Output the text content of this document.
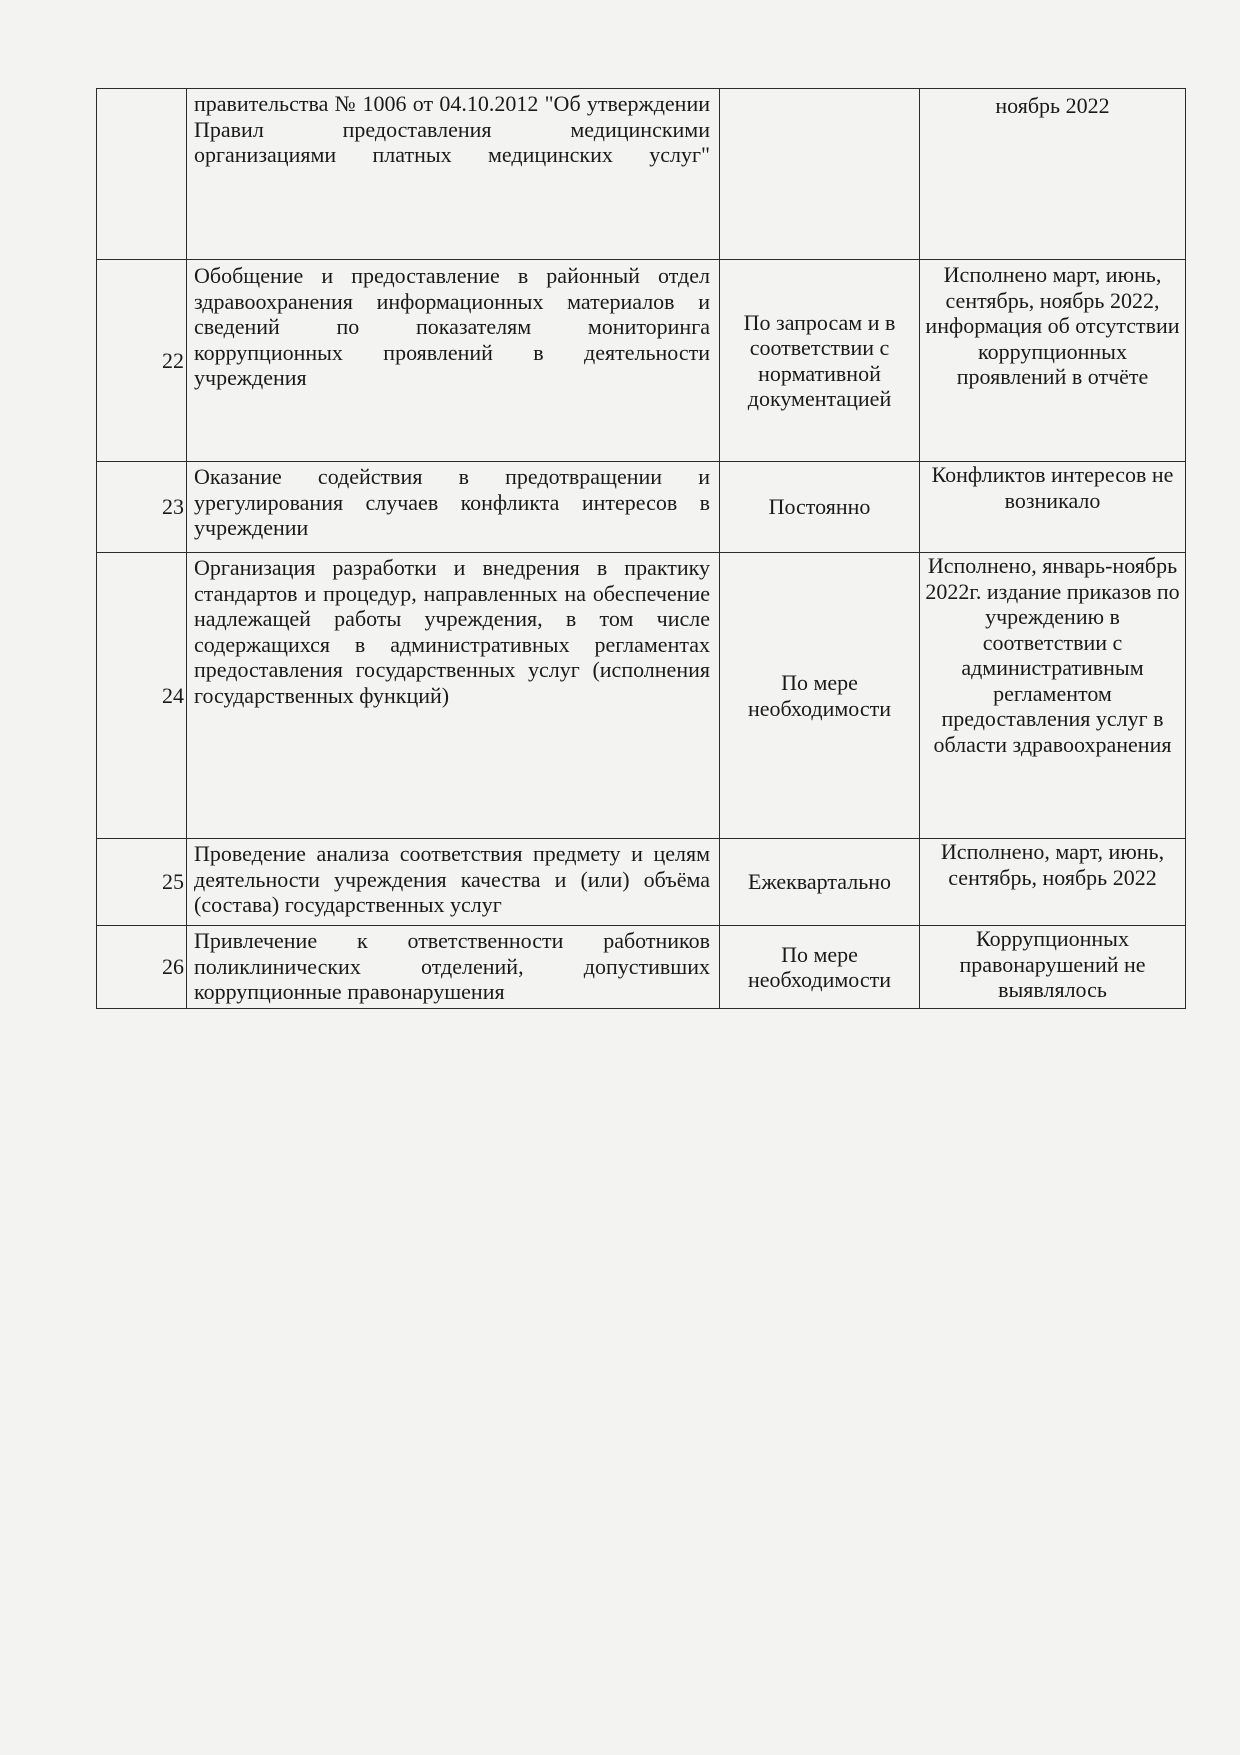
	правительства № 1006 от 04.10.2012 "Об утверждении Правил предоставления медицинскими организациями платных медицинских услуг"		ноябрь 2022
22	Обобщение и предоставление в районный отдел здравоохранения информационных материалов и сведений по показателям мониторинга коррупционных проявлений в деятельности учреждения	По запросам и в соответствии с нормативной документацией	Исполнено март, июнь, сентябрь, ноябрь 2022, информация об отсутствии коррупционных проявлений в отчёте
23	Оказание содействия в предотвращении и урегулирования случаев конфликта интересов в учреждении	Постоянно	Конфликтов интересов не возникало
24	Организация разработки и внедрения в практику стандартов и процедур, направленных на обеспечение надлежащей работы учреждения, в том числе содержащихся в административных регламентах предоставления государственных услуг (исполнения государственных функций)	По мере необходимости	Исполнено, январь-ноябрь 2022г. издание приказов по учреждению в соответствии с административным регламентом предоставления услуг в области здравоохранения
25	Проведение анализа соответствия предмету и целям деятельности учреждения качества и (или) объёма (состава) государственных услуг	Ежеквартально	Исполнено, март, июнь, сентябрь, ноябрь 2022
26	Привлечение к ответственности работников поликлинических отделений, допустивших коррупционные правонарушения	По мере необходимости	Коррупционных правонарушений не выявлялось
